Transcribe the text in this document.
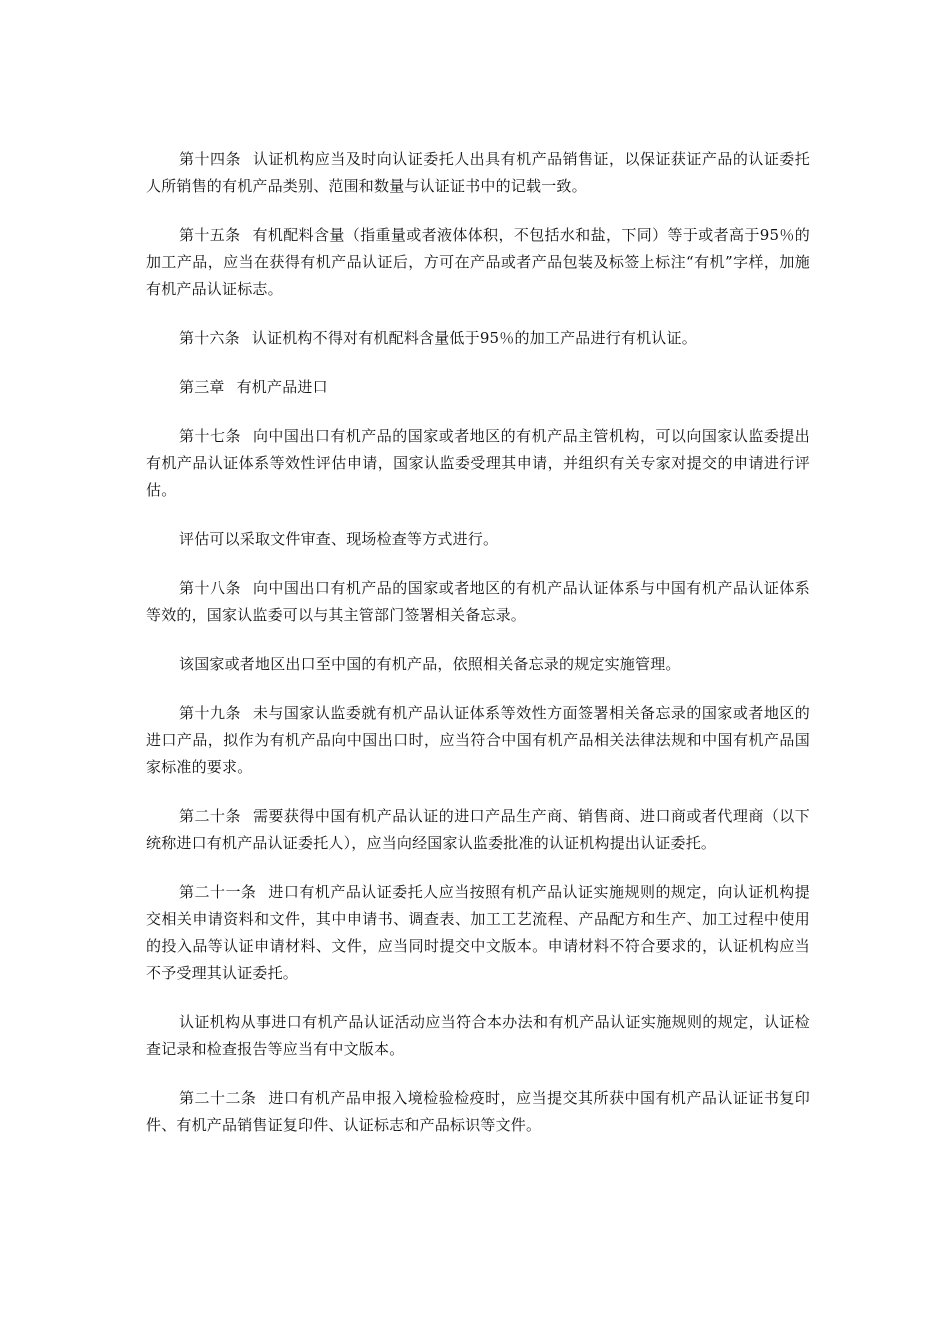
第十四条 认证机构应当及时向认证委托人出具有机产品销售证，以保证获证产品的认证委托人所销售的有机产品类别、范围和数量与认证证书中的记载一致。

第十五条 有机配料含量（指重量或者液体体积，不包括水和盐，下同）等于或者高于95％的加工产品，应当在获得有机产品认证后，方可在产品或者产品包装及标签上标注“有机”字样，加施有机产品认证标志。

第十六条 认证机构不得对有机配料含量低于95％的加工产品进行有机认证。

第三章 有机产品进口

第十七条 向中国出口有机产品的国家或者地区的有机产品主管机构，可以向国家认监委提出有机产品认证体系等效性评估申请，国家认监委受理其申请，并组织有关专家对提交的申请进行评估。

评估可以采取文件审查、现场检查等方式进行。

第十八条 向中国出口有机产品的国家或者地区的有机产品认证体系与中国有机产品认证体系等效的，国家认监委可以与其主管部门签署相关备忘录。

该国家或者地区出口至中国的有机产品，依照相关备忘录的规定实施管理。

第十九条 未与国家认监委就有机产品认证体系等效性方面签署相关备忘录的国家或者地区的进口产品，拟作为有机产品向中国出口时，应当符合中国有机产品相关法律法规和中国有机产品国家标准的要求。

第二十条 需要获得中国有机产品认证的进口产品生产商、销售商、进口商或者代理商（以下统称进口有机产品认证委托人），应当向经国家认监委批准的认证机构提出认证委托。

第二十一条 进口有机产品认证委托人应当按照有机产品认证实施规则的规定，向认证机构提交相关申请资料和文件，其中申请书、调查表、加工工艺流程、产品配方和生产、加工过程中使用的投入品等认证申请材料、文件，应当同时提交中文版本。申请材料不符合要求的，认证机构应当不予受理其认证委托。

认证机构从事进口有机产品认证活动应当符合本办法和有机产品认证实施规则的规定，认证检查记录和检查报告等应当有中文版本。

第二十二条 进口有机产品申报入境检验检疫时，应当提交其所获中国有机产品认证证书复印件、有机产品销售证复印件、认证标志和产品标识等文件。
